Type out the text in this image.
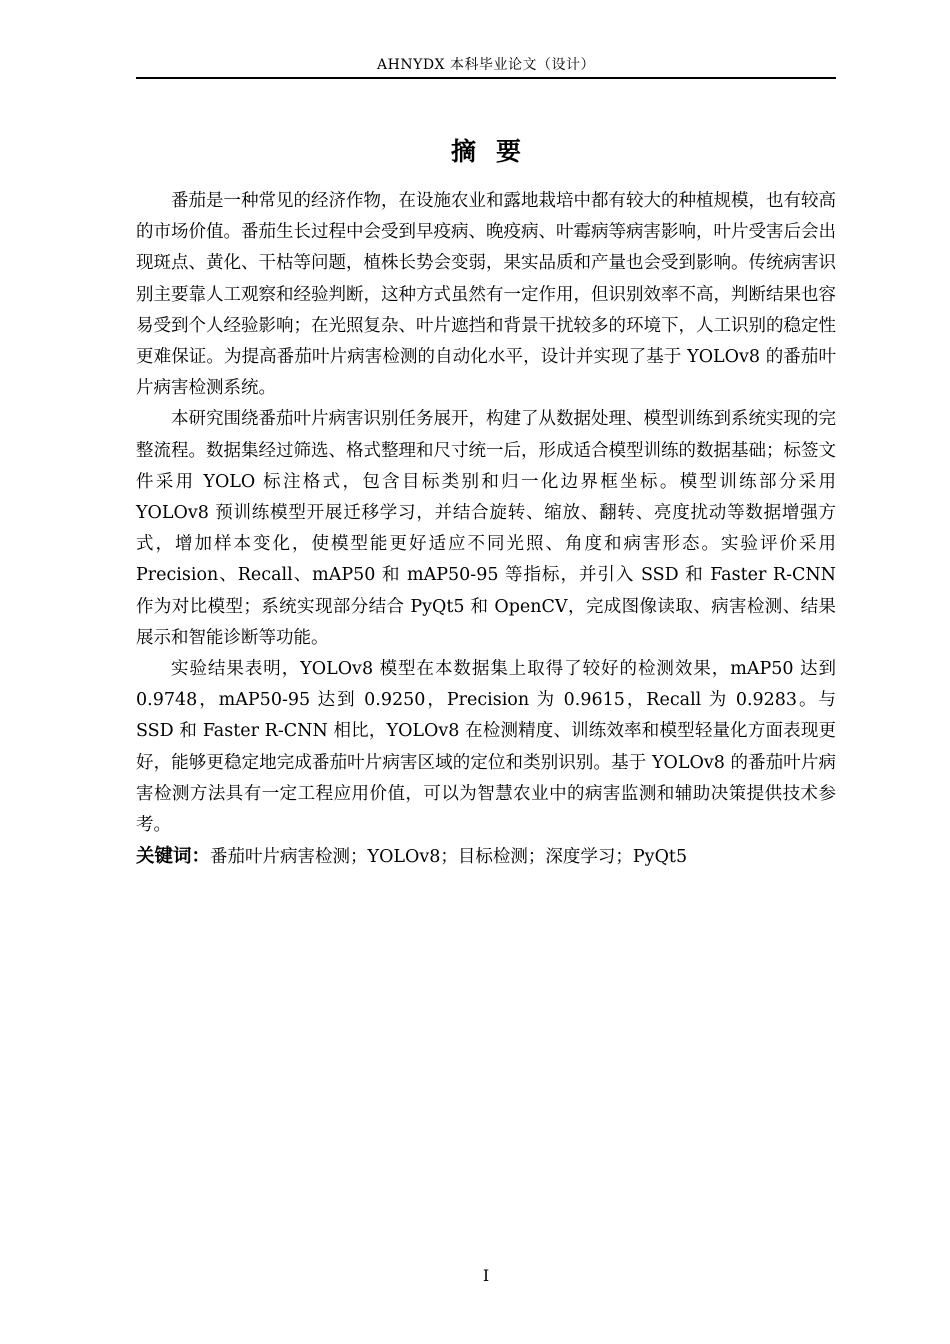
AHNYDX 本科毕业论文（设计）
摘要

番茄是一种常见的经济作物，在设施农业和露地栽培中都有较大的种植规模，也有较高的市场价值。番茄生长过程中会受到早疫病、晚疫病、叶霉病等病害影响，叶片受害后会出现斑点、黄化、干枯等问题，植株长势会变弱，果实品质和产量也会受到影响。传统病害识别主要靠人工观察和经验判断，这种方式虽然有一定作用，但识别效率不高，判断结果也容易受到个人经验影响；在光照复杂、叶片遮挡和背景干扰较多的环境下，人工识别的稳定性更难保证。为提高番茄叶片病害检测的自动化水平，设计并实现了基于 YOLOv8 的番茄叶片病害检测系统。

本研究围绕番茄叶片病害识别任务展开，构建了从数据处理、模型训练到系统实现的完整流程。数据集经过筛选、格式整理和尺寸统一后，形成适合模型训练的数据基础；标签文件采用 YOLO 标注格式，包含目标类别和归一化边界框坐标。模型训练部分采用 YOLOv8 预训练模型开展迁移学习，并结合旋转、缩放、翻转、亮度扰动等数据增强方式，增加样本变化，使模型能更好适应不同光照、角度和病害形态。实验评价采用 Precision、Recall、mAP50 和 mAP50-95 等指标，并引入 SSD 和 Faster R-CNN 作为对比模型；系统实现部分结合 PyQt5 和 OpenCV，完成图像读取、病害检测、结果展示和智能诊断等功能。

实验结果表明，YOLOv8 模型在本数据集上取得了较好的检测效果，mAP50 达到 0.9748，mAP50-95 达到 0.9250，Precision 为 0.9615，Recall 为 0.9283。与 SSD 和 Faster R-CNN 相比，YOLOv8 在检测精度、训练效率和模型轻量化方面表现更好，能够更稳定地完成番茄叶片病害区域的定位和类别识别。基于 YOLOv8 的番茄叶片病害检测方法具有一定工程应用价值，可以为智慧农业中的病害监测和辅助决策提供技术参考。

关键词：番茄叶片病害检测；YOLOv8；目标检测；深度学习；PyQt5
I
